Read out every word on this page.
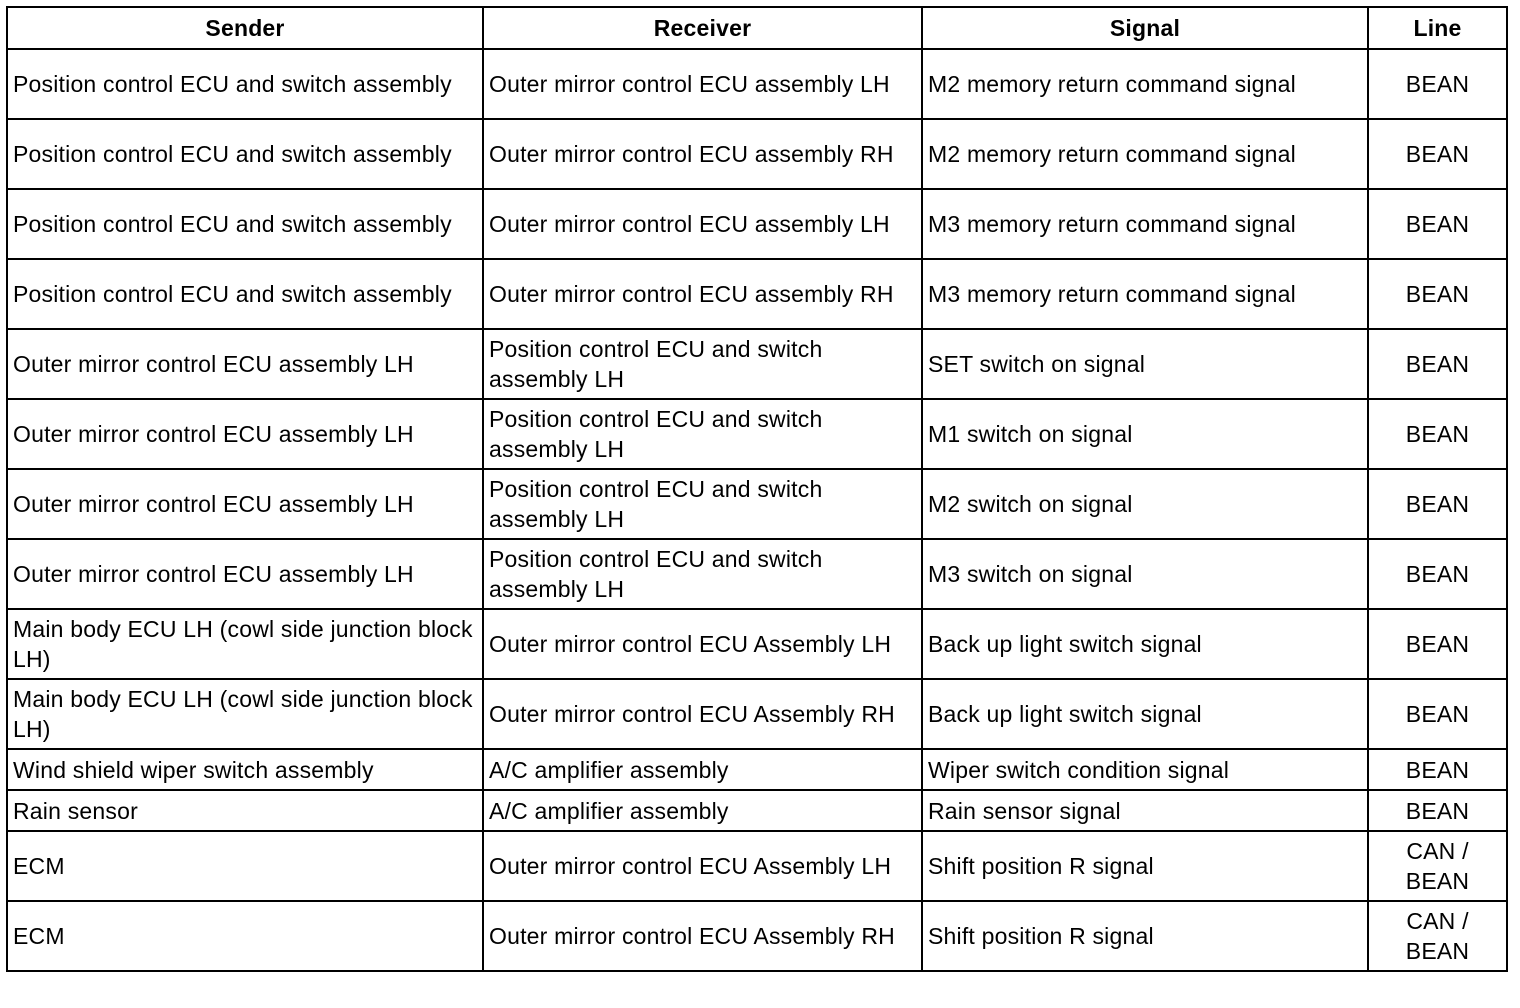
Sender	Receiver	Signal	Line
Position control ECU and switch assembly	Outer mirror control ECU assembly LH	M2 memory return command signal	BEAN
Position control ECU and switch assembly	Outer mirror control ECU assembly RH	M2 memory return command signal	BEAN
Position control ECU and switch assembly	Outer mirror control ECU assembly LH	M3 memory return command signal	BEAN
Position control ECU and switch assembly	Outer mirror control ECU assembly RH	M3 memory return command signal	BEAN
Outer mirror control ECU assembly LH	Position control ECU and switch assembly LH	SET switch on signal	BEAN
Outer mirror control ECU assembly LH	Position control ECU and switch assembly LH	M1 switch on signal	BEAN
Outer mirror control ECU assembly LH	Position control ECU and switch assembly LH	M2 switch on signal	BEAN
Outer mirror control ECU assembly LH	Position control ECU and switch assembly LH	M3 switch on signal	BEAN
Main body ECU LH (cowl side junction block LH)	Outer mirror control ECU Assembly LH	Back up light switch signal	BEAN
Main body ECU LH (cowl side junction block LH)	Outer mirror control ECU Assembly RH	Back up light switch signal	BEAN
Wind shield wiper switch assembly	A/C amplifier assembly	Wiper switch condition signal	BEAN
Rain sensor	A/C amplifier assembly	Rain sensor signal	BEAN
ECM	Outer mirror control ECU Assembly LH	Shift position R signal	CAN / BEAN
ECM	Outer mirror control ECU Assembly RH	Shift position R signal	CAN / BEAN
